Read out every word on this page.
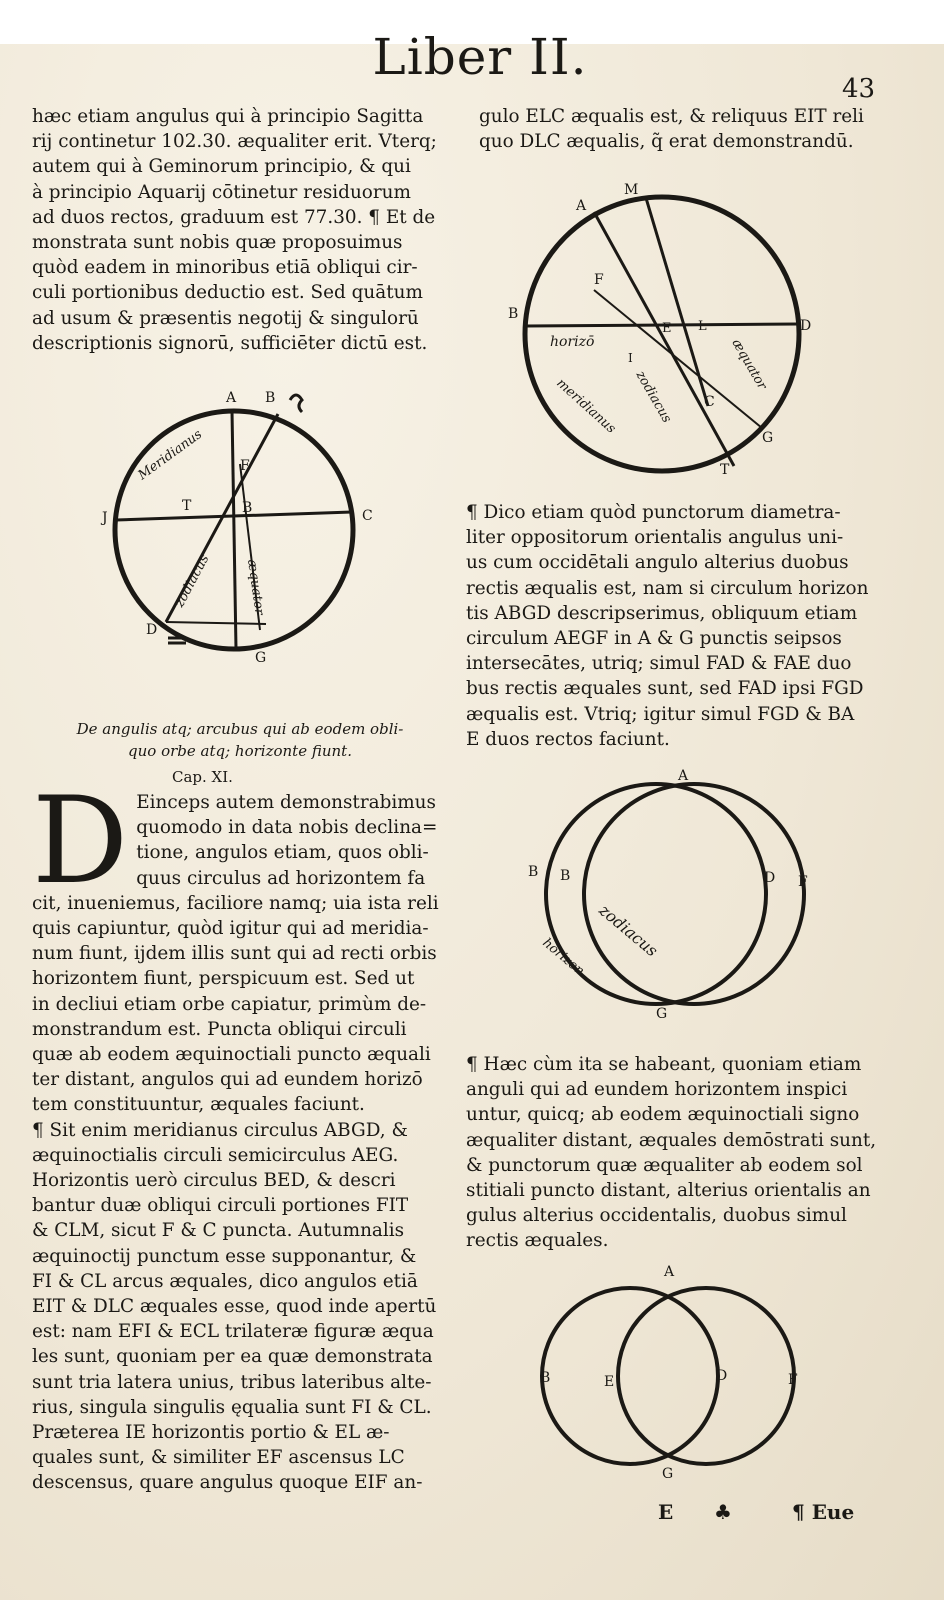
Liber II.
43

hæc etiam angulus qui à principio Sagitta

rij continetur 102.30. æqualiter erit. Vterq;

autem qui à Geminorum principio, & qui

à principio Aquarij cōtinetur residuorum

ad duos rectos, graduum est 77.30. ¶ Et de

monstrata sunt nobis quæ proposuimus

quòd eadem in minoribus etiā obliqui cir-

culi portionibus deductio est. Sed quātum

ad usum & præsentis negotij & singulorū

descriptionis signorū, sufficiēter dictū est.

A B
J	C
D
G
T
F
B
Meridianus
zodiacus æquator
De angulis atq; arcubus qui ab eodem obli-
quo orbe atq; horizonte fiunt.
Cap. XI.
D Einceps autem demonstrabimus

quomodo in data nobis declina=

tione, angulos etiam, quos obli-

quus circulus ad horizontem fa

cit, inueniemus, faciliore namq; uia ista reli

quis capiuntur, quòd igitur qui ad meridia-

num fiunt, ijdem illis sunt qui ad recti orbis

horizontem fiunt, perspicuum est. Sed ut

in decliui etiam orbe capiatur, primùm de-

monstrandum est. Puncta obliqui circuli

quæ ab eodem æquinoctiali puncto æquali

ter distant, angulos qui ad eundem horizō

tem constituuntur, æquales faciunt.

¶ Sit enim meridianus circulus ABGD, &

æquinoctialis circuli semicirculus AEG.

Horizontis uerò circulus BED, & descri

bantur duæ obliqui circuli portiones FIT

& CLM, sicut F & C puncta. Autumnalis

æquinoctij punctum esse supponantur, &

FI & CL arcus æquales, dico angulos etiā

EIT & DLC æquales esse, quod inde apertū

est: nam EFI & ECL trilateræ figuræ æqua

les sunt, quoniam per ea quæ demonstrata

sunt tria latera unius, tribus lateribus alte-

rius, singula singulis ęqualia sunt FI & CL.

Præterea IE horizontis portio & EL æ-

quales sunt, & similiter EF ascensus LC

descensus, quare angulus quoque EIF an-

gulo ELC æqualis est, & reliquus EIT reli

quo DLC æqualis, q̃ erat demonstrandū.

A
M
B
D
F
E L
I
C
G
T
horizō
zodiacus
meridianus
æquator

¶ Dico etiam quòd punctorum diametra-

liter oppositorum orientalis angulus uni-

us cum occidētali angulo alterius duobus

rectis æqualis est, nam si circulum horizon

tis ABGD descripserimus, obliquum etiam

circulum AEGF in A & G punctis seipsos

intersecātes, utriq; simul FAD & FAE duo

bus rectis æquales sunt, sed FAD ipsi FGD

æqualis est. Vtriq; igitur simul FGD & BA

E duos rectos faciunt.

A
B B	D F
G
zodiacus
horizon

¶ Hæc cùm ita se habeant, quoniam etiam

anguli qui ad eundem horizontem inspici

untur, quicq; ab eodem æquinoctiali signo

æqualiter distant, æquales demōstrati sunt,

& punctorum quæ æqualiter ab eodem sol

stitiali puncto distant, alterius orientalis an

gulus alterius occidentalis, duobus simul

rectis æquales.

A
B	E	D	F
G
E ♣	¶ Eue
